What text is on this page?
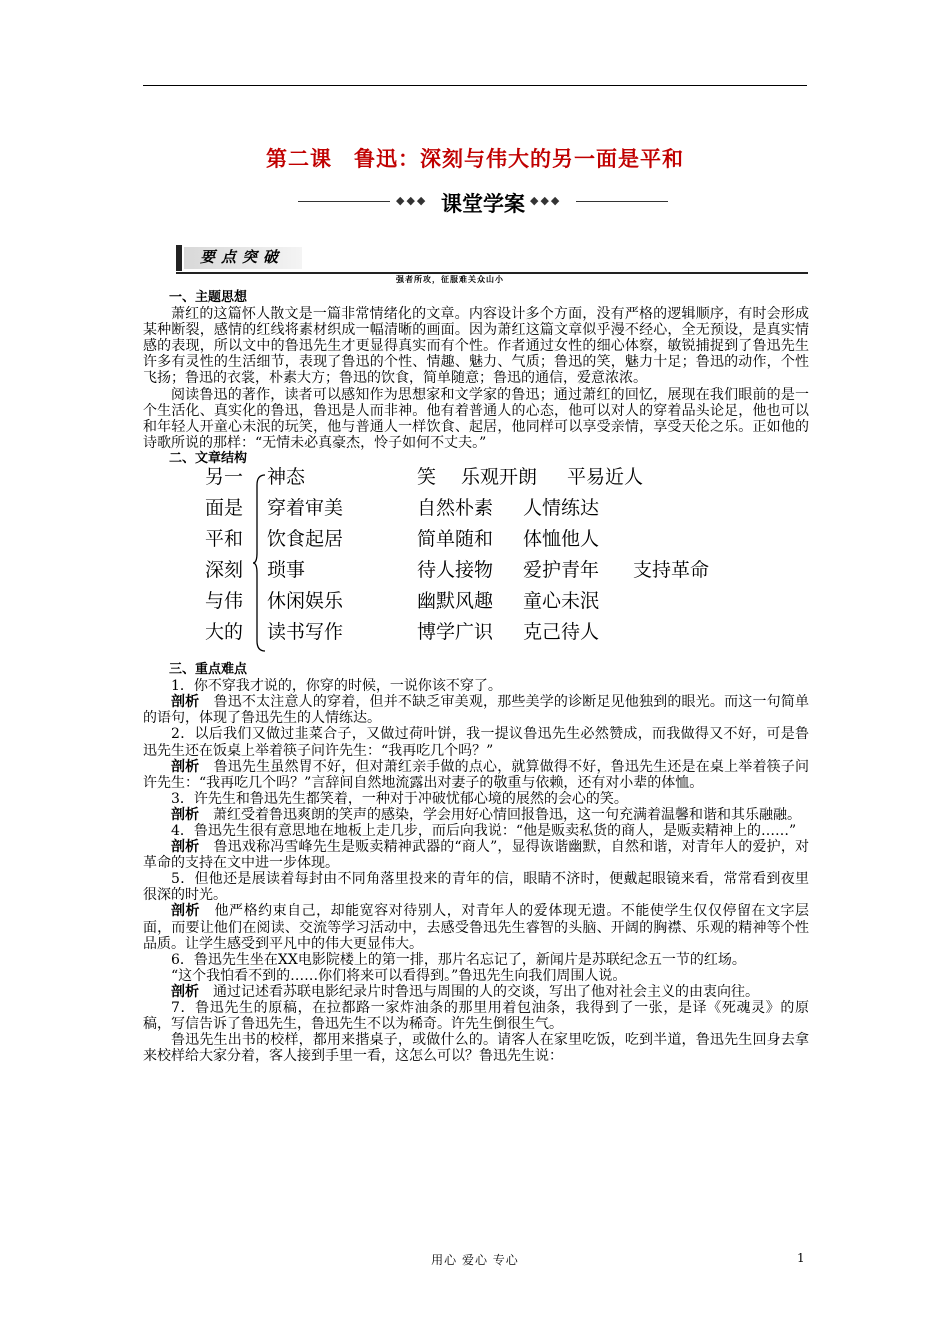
第二课　鲁迅：深刻与伟大的另一面是平和
◆◆◆ 课堂学案 ◆◆◆
要点突破
强者所攻，征服难关众山小

一、主题思想

萧红的这篇怀人散文是一篇非常情绪化的文章。内容设计多个方面，没有严格的逻辑顺序，有时会形成某种断裂，感情的红线将素材织成一幅清晰的画面。因为萧红这篇文章似乎漫不经心，全无预设，是真实情感的表现，所以文中的鲁迅先生才更显得真实而有个性。作者通过女性的细心体察，敏锐捕捉到了鲁迅先生许多有灵性的生活细节，表现了鲁迅的个性、情趣、魅力、气质；鲁迅的笑，魅力十足；鲁迅的动作，个性飞扬；鲁迅的衣裳，朴素大方；鲁迅的饮食，简单随意；鲁迅的通信，爱意浓浓。

阅读鲁迅的著作，读者可以感知作为思想家和文学家的鲁迅；通过萧红的回忆，展现在我们眼前的是一个生活化、真实化的鲁迅，鲁迅是人而非神。他有着普通人的心态，他可以对人的穿着品头论足，他也可以和年轻人开童心未泯的玩笑，他与普通人一样饮食、起居，他同样可以享受亲情，享受天伦之乐。正如他的诗歌所说的那样：“无情未必真豪杰，怜子如何不丈夫。”

二、文章结构

另一 神态	笑 乐观开朗 平易近人
面是 穿着审美	自然朴素 人情练达
平和 饮食起居	简单随和 体恤他人
深刻 琐事	待人接物 爱护青年 支持革命
与伟 休闲娱乐	幽默风趣 童心未泯
大的 读书写作	博学广识 克己待人

三、重点难点

1．你不穿我才说的，你穿的时候，一说你该不穿了。

剖析　 鲁迅不太注意人的穿着，但并不缺乏审美观，那些美学的诊断足见他独到的眼光。而这一句简单的语句，体现了鲁迅先生的人情练达。

2．以后我们又做过韭菜合子，又做过荷叶饼，我一提议鲁迅先生必然赞成，而我做得又不好，可是鲁迅先生还在饭桌上举着筷子问许先生：“我再吃几个吗？”

剖析　 鲁迅先生虽然胃不好，但对萧红亲手做的点心，就算做得不好，鲁迅先生还是在桌上举着筷子问许先生：“我再吃几个吗？”言辞间自然地流露出对妻子的敬重与依赖，还有对小辈的体恤。

3．许先生和鲁迅先生都笑着，一种对于冲破忧郁心境的展然的会心的笑。

剖析　 萧红受着鲁迅爽朗的笑声的感染，学会用好心情回报鲁迅，这一句充满着温馨和谐和其乐融融。

4．鲁迅先生很有意思地在地板上走几步，而后向我说：“他是贩卖私货的商人，是贩卖精神上的……”

剖析　 鲁迅戏称冯雪峰先生是贩卖精神武器的“商人”，显得诙谐幽默，自然和谐，对青年人的爱护，对革命的支持在文中进一步体现。

5．但他还是展读着每封由不同角落里投来的青年的信，眼睛不济时，便戴起眼镜来看，常常看到夜里很深的时光。

剖析　 他严格约束自己，却能宽容对待别人，对青年人的爱体现无遗。不能使学生仅仅停留在文字层面，而要让他们在阅读、交流等学习活动中，去感受鲁迅先生睿智的头脑、开阔的胸襟、乐观的精神等个性品质。让学生感受到平凡中的伟大更显伟大。

6．鲁迅先生坐在XX电影院楼上的第一排，那片名忘记了，新闻片是苏联纪念五一节的红场。

“这个我怕看不到的……你们将来可以看得到。”鲁迅先生向我们周围人说。

剖析　 通过记述看苏联电影纪录片时鲁迅与周围的人的交谈，写出了他对社会主义的由衷向往。

7．鲁迅先生的原稿，在拉都路一家炸油条的那里用着包油条，我得到了一张，是译《死魂灵》的原稿，写信告诉了鲁迅先生，鲁迅先生不以为稀奇。许先生倒很生气。

鲁迅先生出书的校样，都用来揩桌子，或做什么的。请客人在家里吃饭，吃到半道，鲁迅先生回身去拿来校样给大家分着，客人接到手里一看，这怎么可以？鲁迅先生说：

用心 爱心 专心	1
